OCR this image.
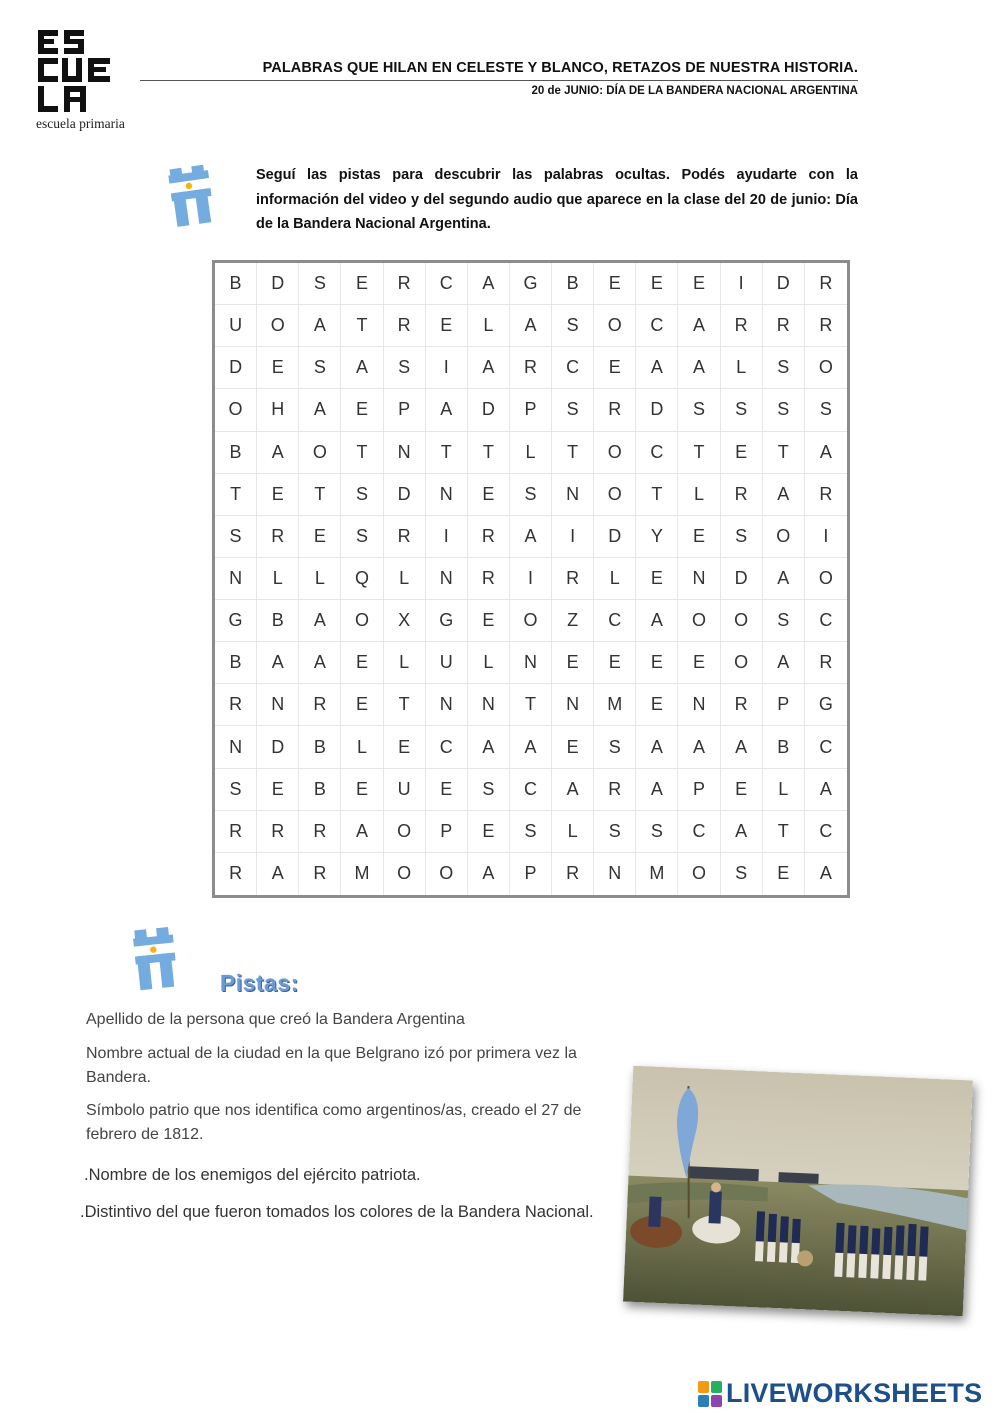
escuela primaria
PALABRAS QUE HILAN EN CELESTE Y BLANCO, RETAZOS DE NUESTRA HISTORIA.
20 de JUNIO: DÍA DE LA BANDERA NACIONAL ARGENTINA
Seguí las pistas para descubrir las palabras ocultas. Podés ayudarte con la información del video y del segundo audio que aparece en la clase del 20 de junio: Día de la Bandera Nacional Argentina.
B	D	S	E	R	C	A	G	B	E	E	E	I	D	R
U	O	A	T	R	E	L	A	S	O	C	A	R	R	R
D	E	S	A	S	I	A	R	C	E	A	A	L	S	O
O	H	A	E	P	A	D	P	S	R	D	S	S	S	S
B	A	O	T	N	T	T	L	T	O	C	T	E	T	A
T	E	T	S	D	N	E	S	N	O	T	L	R	A	R
S	R	E	S	R	I	R	A	I	D	Y	E	S	O	I
N	L	L	Q	L	N	R	I	R	L	E	N	D	A	O
G	B	A	O	X	G	E	O	Z	C	A	O	O	S	C
B	A	A	E	L	U	L	N	E	E	E	E	O	A	R
R	N	R	E	T	N	N	T	N	M	E	N	R	P	G
N	D	B	L	E	C	A	A	E	S	A	A	A	B	C
S	E	B	E	U	E	S	C	A	R	A	P	E	L	A
R	R	R	A	O	P	E	S	L	S	S	C	A	T	C
R	A	R	M	O	O	A	P	R	N	M	O	S	E	A
Pistas:
Apellido de la persona que creó la Bandera Argentina
Nombre actual de la ciudad en la que Belgrano izó por primera vez la Bandera.
Símbolo patrio que nos identifica como argentinos/as, creado el 27 de febrero de 1812.
.Nombre de los enemigos del ejército patriota.
.Distintivo del que fueron tomados los colores de la Bandera Nacional.
LIVEWORKSHEETS
